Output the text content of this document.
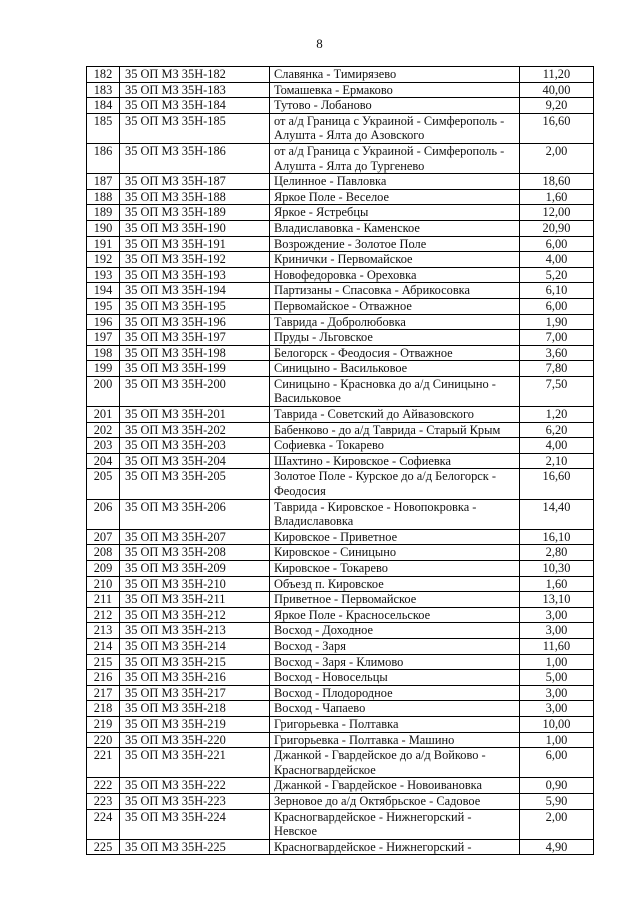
8
182	35 ОП МЗ 35Н-182	Славянка - Тимирязево	11,20
183	35 ОП МЗ 35Н-183	Томашевка - Ермаково	40,00
184	35 ОП МЗ 35Н-184	Тутово - Лобаново	9,20
185	35 ОП МЗ 35Н-185	от а/д Граница с Украиной - Симферополь - Алушта - Ялта до Азовского	16,60
186	35 ОП МЗ 35Н-186	от а/д Граница с Украиной - Симферополь - Алушта - Ялта до Тургенево	2,00
187	35 ОП МЗ 35Н-187	Целинное - Павловка	18,60
188	35 ОП МЗ 35Н-188	Яркое Поле - Веселое	1,60
189	35 ОП МЗ 35Н-189	Яркое - Ястребцы	12,00
190	35 ОП МЗ 35Н-190	Владиславовка - Каменское	20,90
191	35 ОП МЗ 35Н-191	Возрождение - Золотое Поле	6,00
192	35 ОП МЗ 35Н-192	Кринички - Первомайское	4,00
193	35 ОП МЗ 35Н-193	Новофедоровка - Ореховка	5,20
194	35 ОП МЗ 35Н-194	Партизаны - Спасовка - Абрикосовка	6,10
195	35 ОП МЗ 35Н-195	Первомайское - Отважное	6,00
196	35 ОП МЗ 35Н-196	Таврида - Добролюбовка	1,90
197	35 ОП МЗ 35Н-197	Пруды - Льговское	7,00
198	35 ОП МЗ 35Н-198	Белогорск - Феодосия - Отважное	3,60
199	35 ОП МЗ 35Н-199	Синицыно - Васильковое	7,80
200	35 ОП МЗ 35Н-200	Синицыно - Красновка до а/д Синицыно - Васильковое	7,50
201	35 ОП МЗ 35Н-201	Таврида - Советский до Айвазовского	1,20
202	35 ОП МЗ 35Н-202	Бабенково - до а/д Таврида - Старый Крым	6,20
203	35 ОП МЗ 35Н-203	Софиевка - Токарево	4,00
204	35 ОП МЗ 35Н-204	Шахтино - Кировское - Софиевка	2,10
205	35 ОП МЗ 35Н-205	Золотое Поле - Курское до а/д Белогорск - Феодосия	16,60
206	35 ОП МЗ 35Н-206	Таврида - Кировское - Новопокровка - Владиславовка	14,40
207	35 ОП МЗ 35Н-207	Кировское - Приветное	16,10
208	35 ОП МЗ 35Н-208	Кировское - Синицыно	2,80
209	35 ОП МЗ 35Н-209	Кировское - Токарево	10,30
210	35 ОП МЗ 35Н-210	Объезд п. Кировское	1,60
211	35 ОП МЗ 35Н-211	Приветное - Первомайское	13,10
212	35 ОП МЗ 35Н-212	Яркое Поле - Красносельское	3,00
213	35 ОП МЗ 35Н-213	Восход - Доходное	3,00
214	35 ОП МЗ 35Н-214	Восход - Заря	11,60
215	35 ОП МЗ 35Н-215	Восход - Заря - Климово	1,00
216	35 ОП МЗ 35Н-216	Восход - Новосельцы	5,00
217	35 ОП МЗ 35Н-217	Восход - Плодородное	3,00
218	35 ОП МЗ 35Н-218	Восход - Чапаево	3,00
219	35 ОП МЗ 35Н-219	Григорьевка - Полтавка	10,00
220	35 ОП МЗ 35Н-220	Григорьевка - Полтавка - Машино	1,00
221	35 ОП МЗ 35Н-221	Джанкой - Гвардейское до а/д Войково - Красногвардейское	6,00
222	35 ОП МЗ 35Н-222	Джанкой - Гвардейское - Новоивановка	0,90
223	35 ОП МЗ 35Н-223	Зерновое до а/д Октябрьское - Садовое	5,90
224	35 ОП МЗ 35Н-224	Красногвардейское - Нижнегорский - Невское	2,00
225	35 ОП МЗ 35Н-225	Красногвардейское - Нижнегорский -	4,90
